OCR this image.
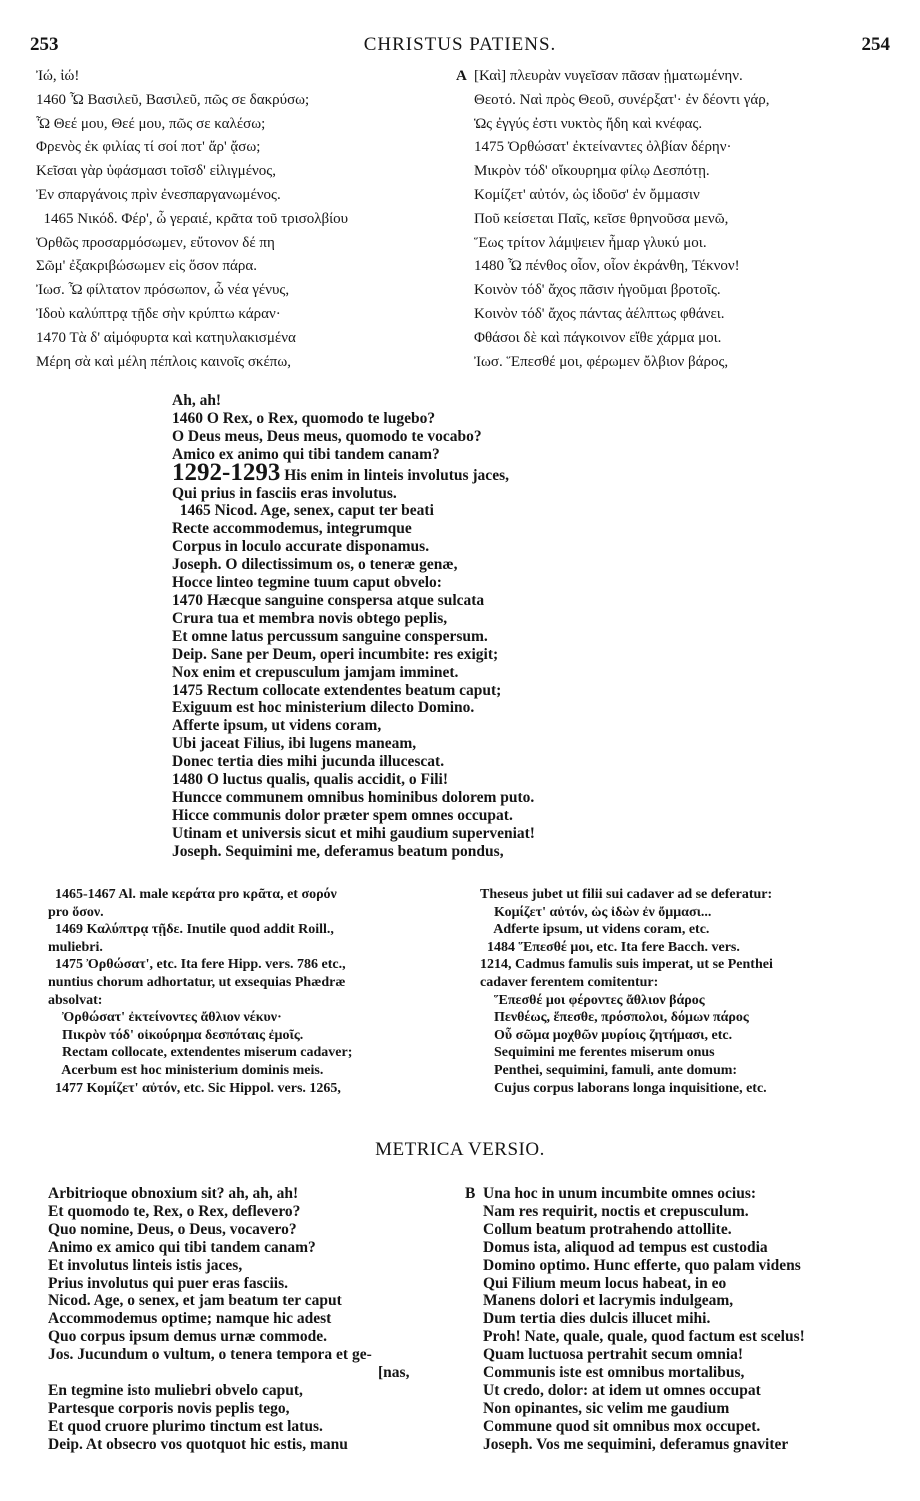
253	CHRISTUS PATIENS.	254
Ἰώ, ἰώ!
1460 Ὦ Βασιλεῦ, Βασιλεῦ, πῶς σε δακρύσω;
Ὦ Θεέ μου, Θεέ μου, πῶς σε καλέσω;
Φρενὸς ἐκ φιλίας τί σοί ποτ' ἄρ' ᾄσω;
Κεῖσαι γὰρ ὑφάσμασι τοῖσδ' εἱλιγμένος,
Ἐν σπαργάνοις πρὶν ἐνεσπαργανωμένος.
1465 Νικόδ. Φέρ', ὦ γεραιέ, κρᾶτα τοῦ τρισολβίου
Ὀρθῶς προσαρμόσωμεν, εὔτονον δέ πη
Σῶμ' ἐξακριβώσωμεν εἰς ὅσον πάρα.
Ἰωσ. Ὦ φίλτατον πρόσωπον, ὦ νέα γένυς,
Ἰδοὺ καλύπτρᾳ τῇδε σὴν κρύπτω κάραν·
1470 Τὰ δ' αἱμόφυρτα καὶ κατηυλακισμένα
Μέρη σὰ καὶ μέλη πέπλοις καινοῖς σκέπω,
A [Καὶ] πλευρὰν νυγεῖσαν πᾶσαν ᾑματωμένην.
Θεοτό. Ναὶ πρὸς Θεοῦ, συνέρξατ'· ἐν δέοντι γάρ,
Ὡς ἐγγύς ἐστι νυκτὸς ἤδη καὶ κνέφας.
1475 Ὀρθώσατ' ἐκτείναντες ὀλβίαν δέρην·
Μικρὸν τόδ' οἴκουρημα φίλῳ Δεσπότῃ.
Κομίζετ' αὐτόν, ὡς ἰδοῦσ' ἐν ὄμμασιν
Ποῦ κείσεται Παῖς, κεῖσε θρηνοῦσα μενῶ,
Ἕως τρίτον λάμψειεν ἦμαρ γλυκύ μοι.
1480 Ὦ πένθος οἷον, οἷον ἐκράνθη, Τέκνον!
Κοινὸν τόδ' ἄχος πᾶσιν ἡγοῦμαι βροτοῖς.
Κοινὸν τόδ' ἄχος πάντας ἀέλπτως φθάνει.
Φθάσοι δὲ καὶ πάγκοινον εἴθε χάρμα μοι.
Ἰωσ. Ἕπεσθέ μοι, φέρωμεν ὄλβιον βάρος,
Ah, ah!
1460 O Rex, o Rex, quomodo te lugebo?
O Deus meus, Deus meus, quomodo te vocabo?
Amico ex animo qui tibi tandem canam?
1292-1293 His enim in linteis involutus jaces,
Qui prius in fasciis eras involutus.
1465 Nicod. Age, senex, caput ter beati
Recte accommodemus, integrumque
Corpus in loculo accurate disponamus.
Joseph. O dilectissimum os, o teneræ genæ,
Hocce linteo tegmine tuum caput obvelo:
1470 Hæcque sanguine conspersa atque sulcata
Crura tua et membra novis obtego peplis,
Et omne latus percussum sanguine conspersum.
Deip. Sane per Deum, operi incumbite: res exigit;
Nox enim et crepusculum jamjam imminet.
1475 Rectum collocate extendentes beatum caput;
Exiguum est hoc ministerium dilecto Domino.
Afferte ipsum, ut videns coram,
Ubi jaceat Filius, ibi lugens maneam,
Donec tertia dies mihi jucunda illucescat.
1480 O luctus qualis, qualis accidit, o Fili!
Huncce communem omnibus hominibus dolorem puto.
Hicce communis dolor præter spem omnes occupat.
Utinam et universis sicut et mihi gaudium superveniat!
Joseph. Sequimini me, deferamus beatum pondus,
1465-1467 Al. male κεράτα pro κρᾶτα, et σορόν
pro ὅσον.
1469 Καλύπτρᾳ τῇδε. Inutile quod addit Roill.,
muliebri.
1475 Ὀρθώσατ', etc. Ita fere Hipp. vers. 786 etc.,
nuntius chorum adhortatur, ut exsequias Phædræ
absolvat:
Ὀρθώσατ' ἐκτείνοντες ἄθλιον νέκυν·
Πικρὸν τόδ' οἰκούρημα δεσπόταις ἐμοῖς.
Rectam collocate, extendentes miserum cadaver;
Acerbum est hoc ministerium dominis meis.
1477 Κομίζετ' αὐτόν, etc. Sic Hippol. vers. 1265,
Theseus jubet ut filii sui cadaver ad se deferatur:
Κομίζετ' αὐτόν, ὡς ἰδὼν ἐν ὄμμασι...
Adferte ipsum, ut videns coram, etc.
1484 Ἕπεσθέ μοι, etc. Ita fere Bacch. vers.
1214, Cadmus famulis suis imperat, ut se Penthei
cadaver ferentem comitentur:
Ἕπεσθέ μοι φέροντες ἄθλιον βάρος
Πενθέως, ἕπεσθε, πρόσπολοι, δόμων πάρος
Οὗ σῶμα μοχθῶν μυρίοις ζητήμασι, etc.
Sequimini me ferentes miserum onus
Penthei, sequimini, famuli, ante domum:
Cujus corpus laborans longa inquisitione, etc.
METRICA VERSIO.
Arbitrioque obnoxium sit? ah, ah, ah!
Et quomodo te, Rex, o Rex, deflevero?
Quo nomine, Deus, o Deus, vocavero?
Animo ex amico qui tibi tandem canam?
Et involutus linteis istis jaces,
Prius involutus qui puer eras fasciis.
Nicod. Age, o senex, et jam beatum ter caput
Accommodemus optime; namque hic adest
Quo corpus ipsum demus urnæ commode.
Jos. Jucundum o vultum, o tenera tempora et ge-
[nas,
En tegmine isto muliebri obvelo caput,
Partesque corporis novis peplis tego,
Et quod cruore plurimo tinctum est latus.
Deip. At obsecro vos quotquot hic estis, manu
B Una hoc in unum incumbite omnes ocius:
Nam res requirit, noctis et crepusculum.
Collum beatum protrahendo attollite.
Domus ista, aliquod ad tempus est custodia
Domino optimo. Hunc efferte, quo palam videns
Qui Filium meum locus habeat, in eo
Manens dolori et lacrymis indulgeam,
Dum tertia dies dulcis illucet mihi.
Proh! Nate, quale, quale, quod factum est scelus!
Quam luctuosa pertrahit secum omnia!
Communis iste est omnibus mortalibus,
Ut credo, dolor: at idem ut omnes occupat
Non opinantes, sic velim me gaudium
Commune quod sit omnibus mox occupet.
Joseph. Vos me sequimini, deferamus gnaviter
